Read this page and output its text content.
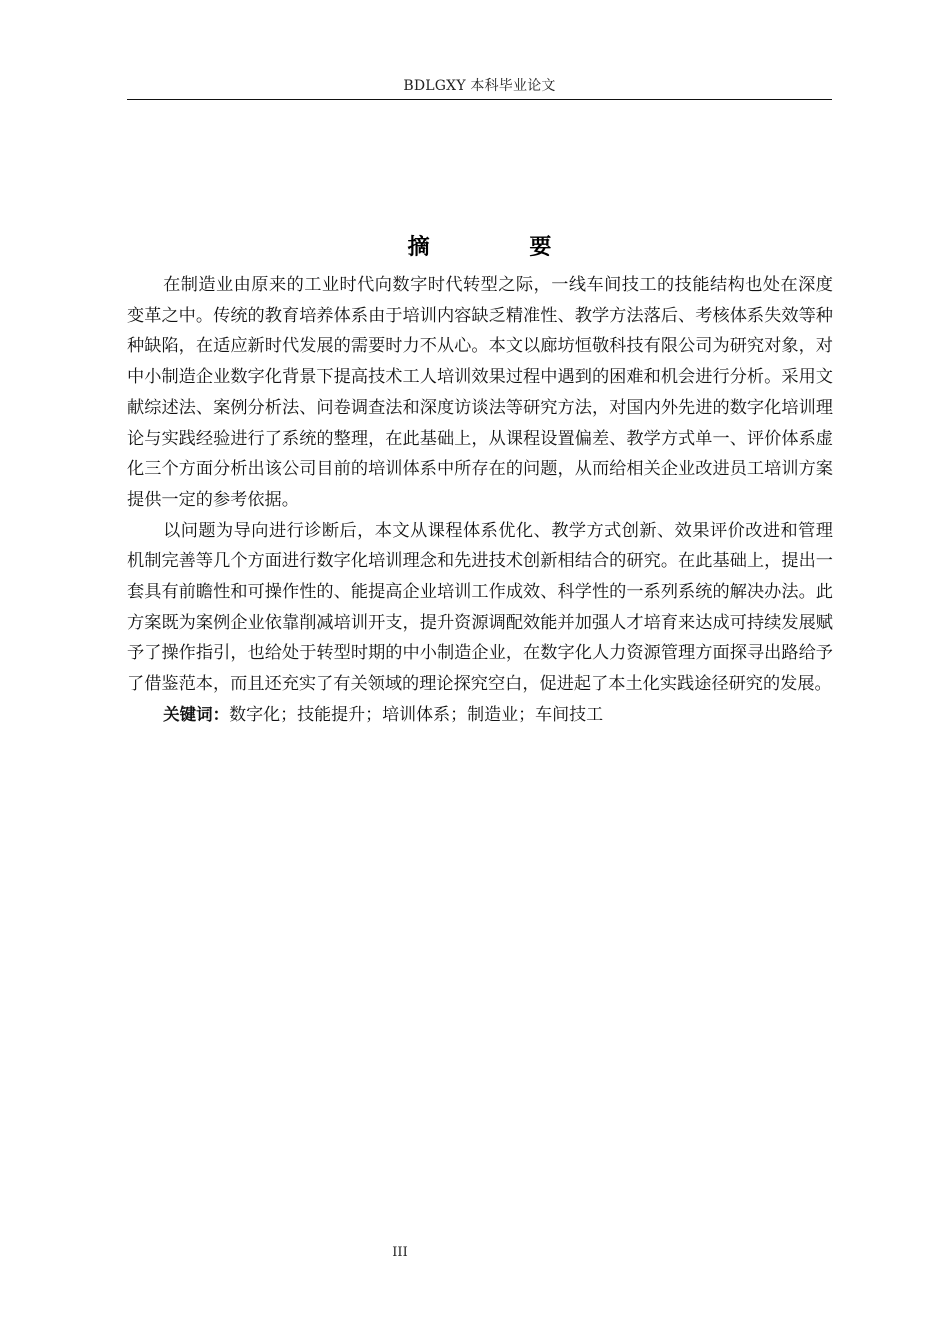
BDLGXY 本科毕业论文
摘 要

在制造业由原来的工业时代向数字时代转型之际，一线车间技工的技能结构也处在深度变革之中。传统的教育培养体系由于培训内容缺乏精准性、教学方法落后、考核体系失效等种种缺陷，在适应新时代发展的需要时力不从心。本文以廊坊恒敬科技有限公司为研究对象，对中小制造企业数字化背景下提高技术工人培训效果过程中遇到的困难和机会进行分析。采用文献综述法、案例分析法、问卷调查法和深度访谈法等研究方法，对国内外先进的数字化培训理论与实践经验进行了系统的整理，在此基础上，从课程设置偏差、教学方式单一、评价体系虚化三个方面分析出该公司目前的培训体系中所存在的问题，从而给相关企业改进员工培训方案提供一定的参考依据。

以问题为导向进行诊断后，本文从课程体系优化、教学方式创新、效果评价改进和管理机制完善等几个方面进行数字化培训理念和先进技术创新相结合的研究。在此基础上，提出一套具有前瞻性和可操作性的、能提高企业培训工作成效、科学性的一系列系统的解决办法。此方案既为案例企业依靠削减培训开支，提升资源调配效能并加强人才培育来达成可持续发展赋予了操作指引，也给处于转型时期的中小制造企业，在数字化人力资源管理方面探寻出路给予了借鉴范本，而且还充实了有关领域的理论探究空白，促进起了本土化实践途径研究的发展。

关键词：数字化；技能提升；培训体系；制造业；车间技工

III
